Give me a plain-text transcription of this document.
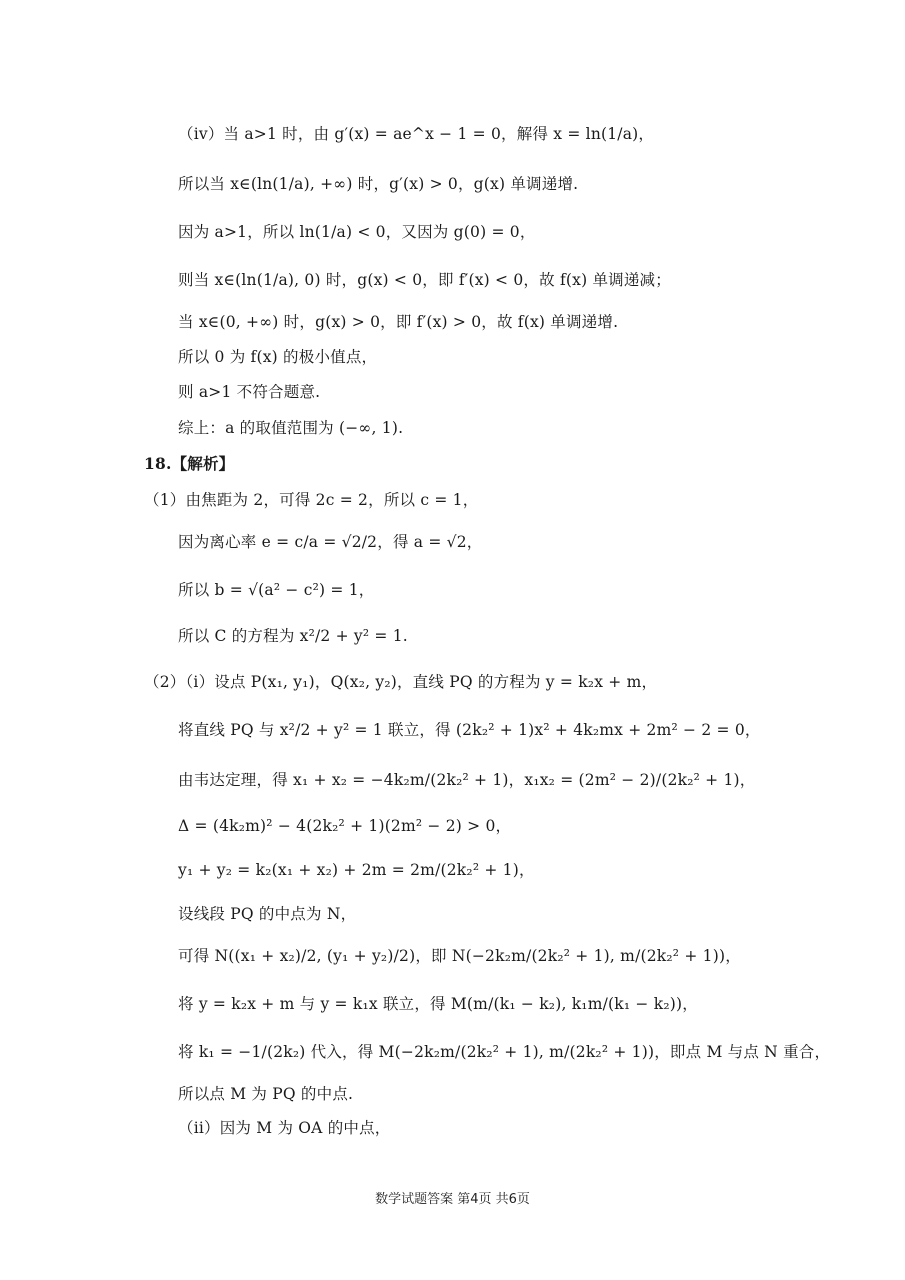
（iv）当 a>1 时，由 g′(x) = ae^x − 1 = 0，解得 x = ln(1/a)，
所以当 x∈(ln(1/a), +∞) 时，g′(x) > 0，g(x) 单调递增.
因为 a>1，所以 ln(1/a) < 0，又因为 g(0) = 0，
则当 x∈(ln(1/a), 0) 时，g(x) < 0，即 f′(x) < 0，故 f(x) 单调递减；
当 x∈(0, +∞) 时，g(x) > 0，即 f′(x) > 0，故 f(x) 单调递增.
所以 0 为 f(x) 的极小值点，
则 a>1 不符合题意.
综上：a 的取值范围为 (−∞, 1).
18.【解析】
（1）由焦距为 2，可得 2c = 2，所以 c = 1，
因为离心率 e = c/a = √2/2，得 a = √2，
所以 b = √(a² − c²) = 1，
所以 C 的方程为 x²/2 + y² = 1.
（2）（i）设点 P(x₁, y₁)，Q(x₂, y₂)，直线 PQ 的方程为 y = k₂x + m，
将直线 PQ 与 x²/2 + y² = 1 联立，得 (2k₂² + 1)x² + 4k₂mx + 2m² − 2 = 0，
由韦达定理，得 x₁ + x₂ = −4k₂m/(2k₂² + 1)，x₁x₂ = (2m² − 2)/(2k₂² + 1)，
Δ = (4k₂m)² − 4(2k₂² + 1)(2m² − 2) > 0，
y₁ + y₂ = k₂(x₁ + x₂) + 2m = 2m/(2k₂² + 1)，
设线段 PQ 的中点为 N，
可得 N((x₁ + x₂)/2, (y₁ + y₂)/2)，即 N(−2k₂m/(2k₂² + 1), m/(2k₂² + 1))，
将 y = k₂x + m 与 y = k₁x 联立，得 M(m/(k₁ − k₂), k₁m/(k₁ − k₂))，
将 k₁ = −1/(2k₂) 代入，得 M(−2k₂m/(2k₂² + 1), m/(2k₂² + 1))，即点 M 与点 N 重合，
所以点 M 为 PQ 的中点.
（ii）因为 M 为 OA 的中点，
数学试题答案 第4页 共6页
